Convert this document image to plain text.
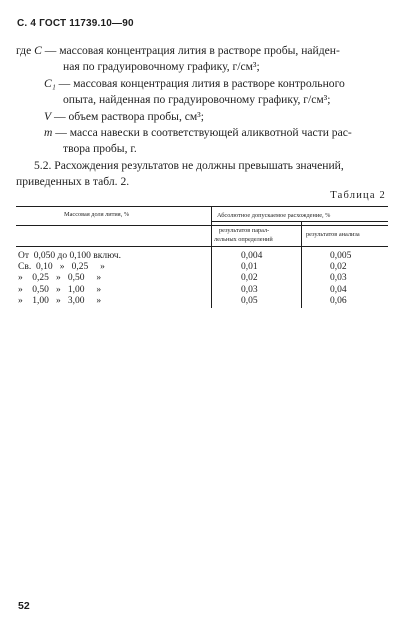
С. 4 ГОСТ 11739.10—90
где C — массовая концентрация лития в растворе пробы, найден-
ная по градуировочному графику, г/см³;
C₁ — массовая концентрация лития в растворе контрольного
опыта, найденная по градуировочному графику, г/см³;
V — объем раствора пробы, см³;
m — масса навески в соответствующей аликвотной части рас-
твора пробы, г.
5.2. Расхождения результатов не должны превышать значений,
приведенных в табл. 2.
Таблица 2
Массовая доля лития, %	Абсолютное допускаемое расхождение, %
результатов парал-
лельных определений
результатов анализа
От  0,050 до 0,100 включ.	0,004	0,005
Св.  0,10   »   0,25     »	0,01	0,02
»    0,25   »   0,50     »	0,02	0,03
»    0,50   »   1,00     »	0,03	0,04
»    1,00   »   3,00     »	0,05	0,06
52
